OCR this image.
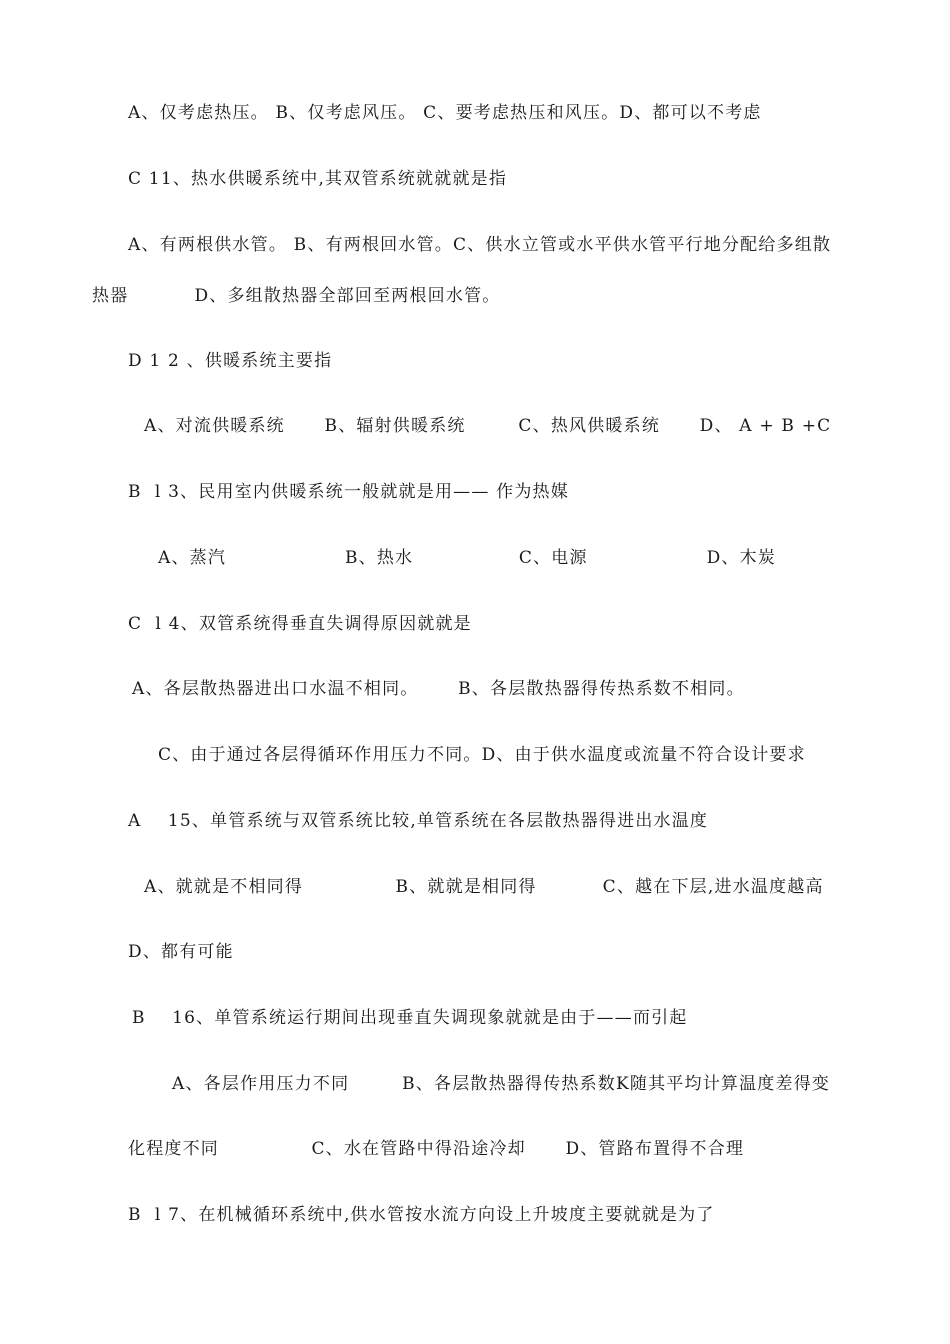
A、仅考虑热压。 B、仅考虑风压。 C、要考虑热压和风压。D、都可以不考虑
C 11、热水供暖系统中,其双管系统就就就是指
A、有两根供水管。 B、有两根回水管。C、供水立管或水平供水管平行地分配给多组散
热器          D、多组散热器全部回至两根回水管。
D 1 2 、供暖系统主要指
A、对流供暖系统      B、辐射供暖系统        C、热风供暖系统      D、 A + B +C
B  l 3、民用室内供暖系统一般就就是用—— 作为热媒
A、蒸汽                  B、热水                C、电源                  D、木炭
C  l 4、双管系统得垂直失调得原因就就是
A、各层散热器进出口水温不相同。      B、各层散热器得传热系数不相同。
C、由于通过各层得循环作用压力不同。D、由于供水温度或流量不符合设计要求
A    15、单管系统与双管系统比较,单管系统在各层散热器得进出水温度
A、就就是不相同得              B、就就是相同得          C、越在下层,进水温度越高
D、都有可能
B    16、单管系统运行期间出现垂直失调现象就就是由于——而引起
A、各层作用压力不同        B、各层散热器得传热系数K随其平均计算温度差得变
化程度不同              C、水在管路中得沿途冷却      D、管路布置得不合理
B  l 7、在机械循环系统中,供水管按水流方向设上升坡度主要就就是为了
